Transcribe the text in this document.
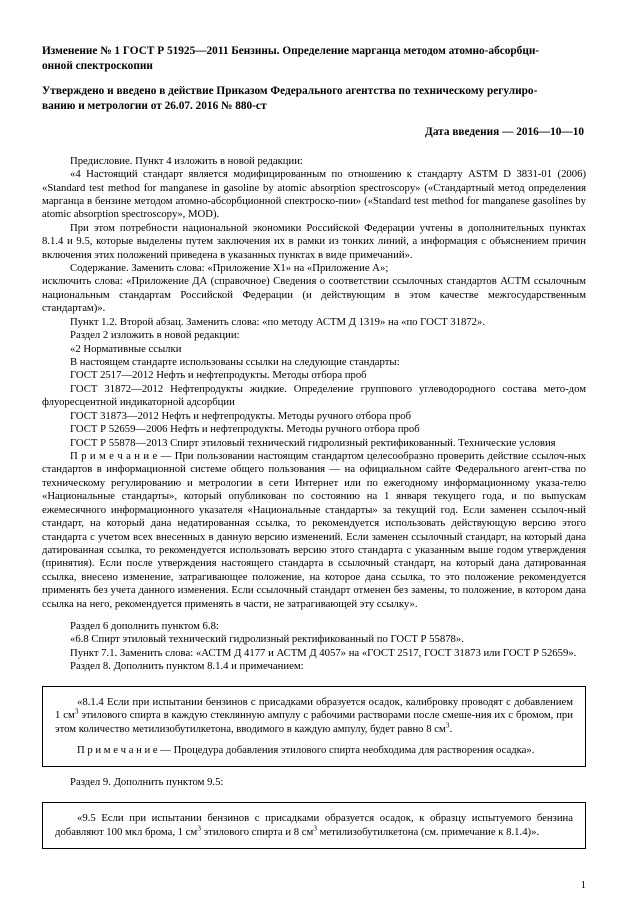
Изменение № 1 ГОСТ Р 51925—2011 Бензины. Определение марганца методом атомно-абсорбци-
онной спектроскопии
Утверждено и введено в действие Приказом Федерального агентства по техническому регулиро-
ванию и метрологии от 26.07. 2016 № 880-ст
Дата введения — 2016—10—10

Предисловие. Пункт 4 изложить в новой редакции:

«4 Настоящий стандарт является модифицированным по отношению к стандарту ASTM D 3831-01 (2006) «Standard test method for manganese in gasoline by atomic absorption spectroscopy» («Стандартный метод определения марганца в бензине методом атомно-абсорбционной спектроско-пии» («Standard test method for manganese gasolines by atomic absorption spectroscopy», MOD).

При этом потребности национальной экономики Российской Федерации учтены в дополнительных пунктах 8.1.4 и 9.5, которые выделены путем заключения их в рамки из тонких линий, а информация с объяснением причин включения этих положений приведена в указанных пунктах в виде примечаний».

Содержание. Заменить слова: «Приложение Х1» на «Приложение А»;

исключить слова: «Приложение ДА (справочное) Сведения о соответствии ссылочных стандартов АСТМ ссылочным национальным стандартам Российской Федерации (и действующим в этом качестве межгосударственным стандартам)».

Пункт 1.2. Второй абзац. Заменить слова: «по методу АСТМ Д 1319» на «по ГОСТ 31872».

Раздел 2 изложить в новой редакции:

«2 Нормативные ссылки

В настоящем стандарте использованы ссылки на следующие стандарты:

ГОСТ 2517—2012 Нефть и нефтепродукты. Методы отбора проб

ГОСТ 31872—2012 Нефтепродукты жидкие. Определение группового углеводородного состава мето-дом флуоресцентной индикаторной адсорбции

ГОСТ 31873—2012 Нефть и нефтепродукты. Методы ручного отбора проб

ГОСТ Р 52659—2006 Нефть и нефтепродукты. Методы ручного отбора проб

ГОСТ Р 55878—2013 Спирт этиловый технический гидролизный ректификованный. Технические условия

П р и м е ч а н и е — При пользовании настоящим стандартом целесообразно проверить действие ссылоч-ных стандартов в информационной системе общего пользования — на официальном сайте Федерального агент-ства по техническому регулированию и метрологии в сети Интернет или по ежегодному информационному указа-телю «Национальные стандарты», который опубликован по состоянию на 1 января текущего года, и по выпускам ежемесячного информационного указателя «Национальные стандарты» за текущий год. Если заменен ссылоч-ный стандарт, на который дана недатированная ссылка, то рекомендуется использовать действующую версию этого стандарта с учетом всех внесенных в данную версию изменений. Если заменен ссылочный стандарт, на который дана датированная ссылка, то рекомендуется использовать версию этого стандарта с указанным выше годом утверждения (принятия). Если после утверждения настоящего стандарта в ссылочный стандарт, на который дана датированная ссылка, внесено изменение, затрагивающее положение, на которое дана ссылка, то это положение рекомендуется применять без учета данного изменения. Если ссылочный стандарт отменен без замены, то положение, в котором дана ссылка на него, рекомендуется применять в части, не затрагивающей эту ссылку».

Раздел 6 дополнить пунктом 6.8:

«6.8 Спирт этиловый технический гидролизный ректификованный по ГОСТ Р 55878».

Пункт 7.1. Заменить слова: «АСТМ Д 4177 и АСТМ Д 4057» на «ГОСТ 2517, ГОСТ 31873 или ГОСТ Р 52659».

Раздел 8. Дополнить пунктом 8.1.4 и примечанием:

«8.1.4 Если при испытании бензинов с присадками образуется осадок, калибровку проводят с добавлением 1 $см^3$ этилового спирта в каждую стеклянную ампулу с рабочими растворами после смеше-ния их с бромом, при этом количество метилизобутилкетона, вводимого в каждую ампулу, будет равно 8 $см^3$.

П р и м е ч а н и е — Процедура добавления этилового спирта необходима для растворения осадка».

Раздел 9. Дополнить пунктом 9.5:

«9.5 Если при испытании бензинов с присадками образуется осадок, к образцу испытуемого бензина добавляют 100 мкл брома, 1 $см^3$ этилового спирта и 8 $см^3$ метилизобутилкетона (см. примечание к 8.1.4)».

1
